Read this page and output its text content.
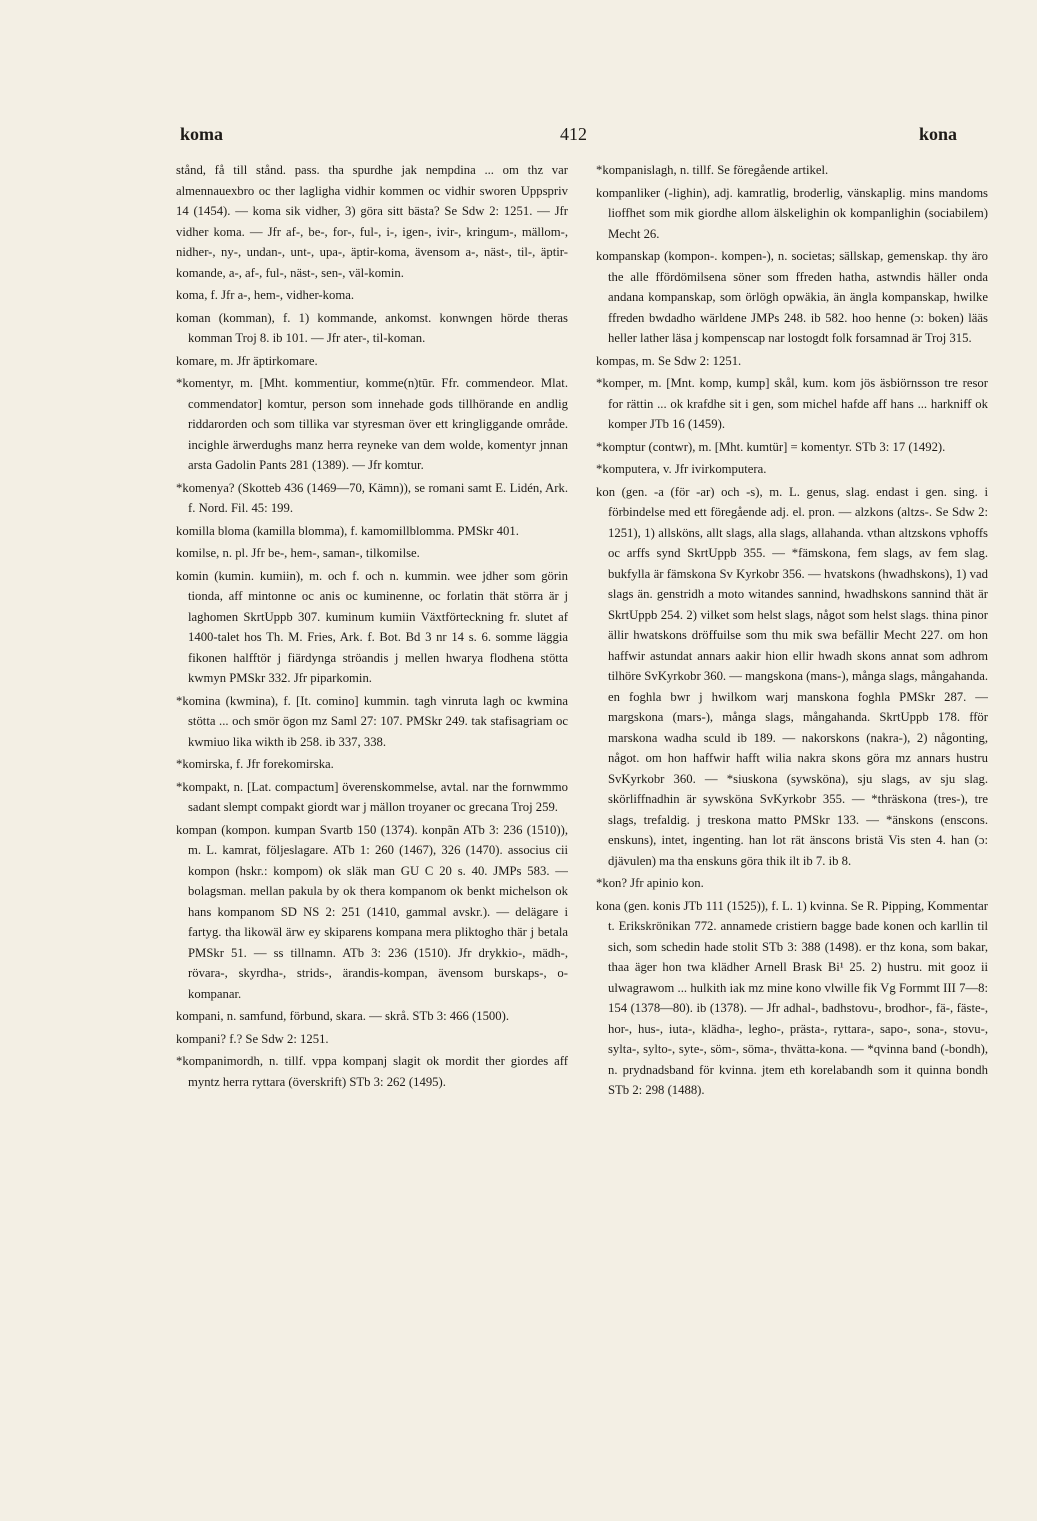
koma	412	kona

stånd, få till stånd. pass. tha spurdhe jak nempdina ... om thz var almennauexbro oc ther lagligha vidhir kommen oc vidhir sworen Uppspriv 14 (1454). — koma sik vidher, 3) göra sitt bästa? Se Sdw 2: 1251. — Jfr vidher koma. — Jfr af-, be-, for-, ful-, i-, igen-, ivir-, kringum-, mällom-, nidher-, ny-, undan-, unt-, upa-, äptir-koma, ävensom a-, näst-, til-, äptir-komande, a-, af-, ful-, näst-, sen-, väl-komin.

koma, f. Jfr a-, hem-, vidher-koma.

koman (komman), f. 1) kommande, ankomst. konwngen hörde theras komman Troj 8. ib 101. — Jfr ater-, til-koman.

komare, m. Jfr äptirkomare.

*komentyr, m. [Mht. kommentiur, komme(n)tūr. Ffr. commendeor. Mlat. commendator] komtur, person som innehade gods tillhörande en andlig riddarorden och som tillika var styresman över ett kringliggande område. incighle ärwerdughs manz herra reyneke van dem wolde, komentyr jnnan arsta Gadolin Pants 281 (1389). — Jfr komtur.

*komenya? (Skotteb 436 (1469—70, Kämn)), se romani samt E. Lidén, Ark. f. Nord. Fil. 45: 199.

komilla bloma (kamilla blomma), f. kamomillblomma. PMSkr 401.

komilse, n. pl. Jfr be-, hem-, saman-, tilkomilse.

komin (kumin. kumiin), m. och f. och n. kummin. wee jdher som görin tionda, aff mintonne oc anis oc kuminenne, oc forlatin thät störra är j laghomen SkrtUppb 307. kuminum kumiin Växtförteckning fr. slutet af 1400-talet hos Th. M. Fries, Ark. f. Bot. Bd 3 nr 14 s. 6. somme läggia fikonen halfftör j fiärdynga ströandis j mellen hwarya flodhena stötta kwmyn PMSkr 332. Jfr piparkomin.

*komina (kwmina), f. [It. comino] kummin. tagh vinruta lagh oc kwmina stötta ... och smör ögon mz Saml 27: 107. PMSkr 249. tak stafisagriam oc kwmiuo lika wikth ib 258. ib 337, 338.

*komirska, f. Jfr forekomirska.

*kompakt, n. [Lat. compactum] överenskommelse, avtal. nar the fornwmmo sadant slempt compakt giordt war j mällon troyaner oc grecana Troj 259.

kompan (kompon. kumpan Svartb 150 (1374). konpãn ATb 3: 236 (1510)), m. L. kamrat, följeslagare. ATb 1: 260 (1467), 326 (1470). associus cii kompon (hskr.: kompom) ok släk man GU C 20 s. 40. JMPs 583. — bolagsman. mellan pakula by ok thera kompanom ok benkt michelson ok hans kompanom SD NS 2: 251 (1410, gammal avskr.). — delägare i fartyg. tha likowäl ärw ey skiparens kompana mera pliktogho thär j betala PMSkr 51. — ss tillnamn. ATb 3: 236 (1510). Jfr drykkio-, mädh-, rövara-, skyrdha-, strids-, ärandis-kompan, ävensom burskaps-, o-kompanar.

kompani, n. samfund, förbund, skara. — skrå. STb 3: 466 (1500).

kompani? f.? Se Sdw 2: 1251.

*kompanimordh, n. tillf. vppa kompanj slagit ok mordit ther giordes aff myntz herra ryttara (överskrift) STb 3: 262 (1495).

*kompanislagh, n. tillf. Se föregående artikel.

kompanliker (-lighin), adj. kamratlig, broderlig, vänskaplig. mins mandoms lioffhet som mik giordhe allom älskelighin ok kompanlighin (sociabilem) Mecht 26.

kompanskap (kompon-. kompen-), n. societas; sällskap, gemenskap. thy äro the alle ffördömilsena söner som ffreden hatha, astwndis häller onda andana kompanskap, som örlögh opwäkia, än ängla kompanskap, hwilke ffreden bwdadho wärldene JMPs 248. ib 582. hoo henne (ɔ: boken) lääs heller lather läsa j kompenscap nar lostogdt folk forsamnad är Troj 315.

kompas, m. Se Sdw 2: 1251.

*komper, m. [Mnt. komp, kump] skål, kum. kom jös äsbiörnsson tre resor for rättin ... ok krafdhe sit i gen, som michel hafde aff hans ... harkniff ok komper JTb 16 (1459).

*komptur (contwr), m. [Mht. kumtür] = komentyr. STb 3: 17 (1492).

*komputera, v. Jfr ivirkomputera.

kon (gen. -a (för -ar) och -s), m. L. genus, slag. endast i gen. sing. i förbindelse med ett föregående adj. el. pron. — alzkons (altzs-. Se Sdw 2: 1251), 1) allsköns, allt slags, alla slags, allahanda. vthan altzskons vphoffs oc arffs synd SkrtUppb 355. — *fämskona, fem slags, av fem slag. bukfylla är fämskona Sv Kyrkobr 356. — hvatskons (hwadhskons), 1) vad slags än. genstridh a moto witandes sannind, hwadhskons sannind thät är SkrtUppb 254. 2) vilket som helst slags, något som helst slags. thina pinor ällir hwatskons dröffuilse som thu mik swa befällir Mecht 227. om hon haffwir astundat annars aakir hion ellir hwadh skons annat som adhrom tilhöre SvKyrkobr 360. — mangskona (mans-), många slags, mångahanda. en foghla bwr j hwilkom warj manskona foghla PMSkr 287. — margskona (mars-), många slags, mångahanda. SkrtUppb 178. fför marskona wadha sculd ib 189. — nakorskons (nakra-), 2) någonting, något. om hon haffwir hafft wilia nakra skons göra mz annars hustru SvKyrkobr 360. — *siuskona (sywsköna), sju slags, av sju slag. skörliffnadhin är sywsköna SvKyrkobr 355. — *thräskona (tres-), tre slags, trefaldig. j treskona matto PMSkr 133. — *änskons (enscons. enskuns), intet, ingenting. han lot rät änscons bristä Vis sten 4. han (ɔ: djävulen) ma tha enskuns göra thik ilt ib 7. ib 8.

*kon? Jfr apinio kon.

kona (gen. konis JTb 111 (1525)), f. L. 1) kvinna. Se R. Pipping, Kommentar t. Erikskrönikan 772. annamede cristiern bagge bade konen och karllin til sich, som schedin hade stolit STb 3: 388 (1498). er thz kona, som bakar, thaa äger hon twa klädher Arnell Brask Bi¹ 25. 2) hustru. mit gooz ii ulwagrawom ... hulkith iak mz mine kono vlwille fik Vg Formmt III 7—8: 154 (1378—80). ib (1378). — Jfr adhal-, badhstovu-, brodhor-, fä-, fäste-, hor-, hus-, iuta-, klädha-, legho-, prästa-, ryttara-, sapo-, sona-, stovu-, sylta-, sylto-, syte-, söm-, söma-, thvätta-kona. — *qvinna band (-bondh), n. prydnadsband för kvinna. jtem eth korelabandh som it quinna bondh STb 2: 298 (1488).
